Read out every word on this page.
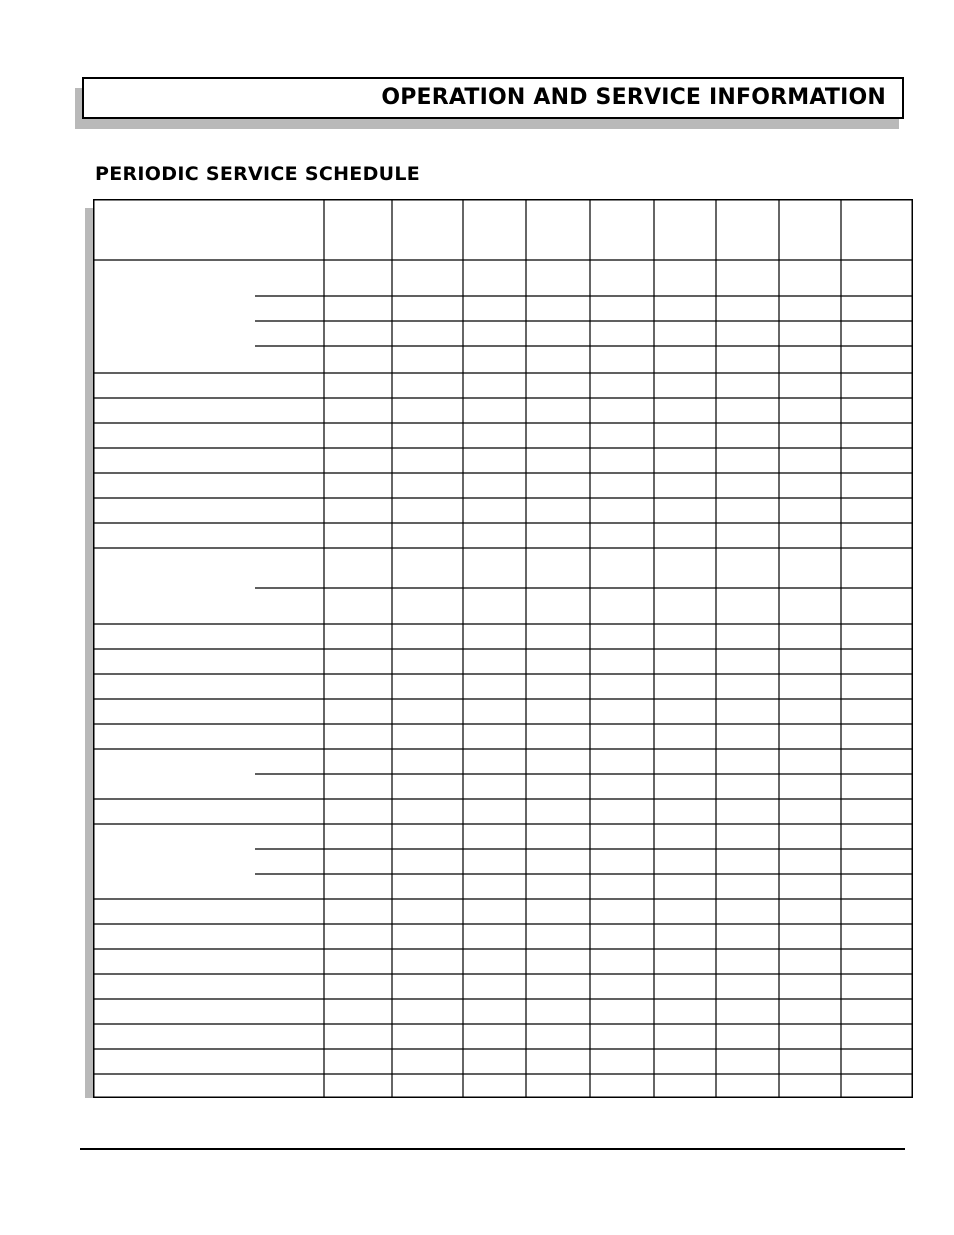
OPERATION AND SERVICE INFORMATION
PERIODIC SERVICE SCHEDULE
